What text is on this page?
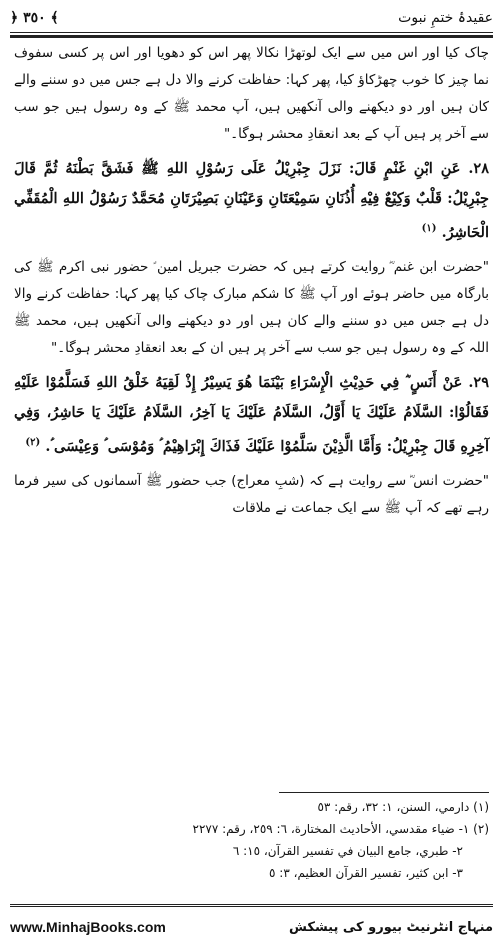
عقیدۂ ختمِ نبوت
﴾ ٣٥٠ ﴿

چاک کیا اور اس میں سے ایک لوتھڑا نکالا پھر اس کو دھویا اور اس پر کسی سفوف نما چیز کا خوب چھڑکاؤ کیا، پھر کہا: حفاظت کرنے والا دل ہے جس میں دو سننے والے کان ہیں اور دو دیکھنے والی آنکھیں ہیں، آپ محمد ﷺ کے وہ رسول ہیں جو سب سے آخر پر ہیں آپ کے بعد انعقادِ محشر ہوگا۔"

٢٨. عَنِ ابْنِ غَنْمٍ قَالَ: نَزَلَ جِبْرِيْلُ عَلَى رَسُوْلِ اللهِ ﷺ فَشَقَّ بَطْنَهُ ثُمَّ قَالَ جِبْرِيْلُ: قَلْبٌ وَكِيْعٌ فِيْهِ أُذُنَانِ سَمِيْعَتَانِ وَعَيْنَانِ بَصِيْرَتَانِ مُحَمَّدٌ رَسُوْلُ اللهِ الْمُقَفِّي الْحَاشِرُ. $^{(١)}$

"حضرت ابن غنم ؓ روایت کرتے ہیں کہ حضرت جبریل امین ؑ حضور نبی اکرم ﷺ کی بارگاہ میں حاضر ہوئے اور آپ ﷺ کا شکم مبارک چاک کیا پھر کہا: حفاظت کرنے والا دل ہے جس میں دو سننے والے کان ہیں اور دو دیکھنے والی آنکھیں ہیں، محمد ﷺ اللہ کے وہ رسول ہیں جو سب سے آخر پر ہیں ان کے بعد انعقادِ محشر ہوگا۔"

٢٩. عَنْ أَنَسٍ ؓ فِي حَدِيْثِ الْإِسْرَاءِ بَيْنَمَا هُوَ يَسِيْرُ إِذْ لَقِيَهُ خَلْقُ اللهِ فَسَلَّمُوْا عَلَيْهِ فَقَالُوْا: السَّلَامُ عَلَيْكَ يَا أَوَّلُ، السَّلَامُ عَلَيْكَ يَا آخِرُ، السَّلَامُ عَلَيْكَ يَا حَاشِرُ، وَفِي آخِرِهِ قَالَ جِبْرِيْلُ: وَأَمَّا الَّذِيْنَ سَلَّمُوْا عَلَيْكَ فَذَاكَ إِبْرَاهِيْمُ ؑ وَمُوْسَى ؑ وَعِيْسَى ؑ. $^{(٢)}$

"حضرت انس ؓ سے روایت ہے کہ (شبِ معراج) جب حضور ﷺ آسمانوں کی سیر فرما رہے تھے کہ آپ ﷺ سے ایک جماعت نے ملاقات

(١) دارمي، السنن، ١: ٣٢، رقم: ٥٣

(٢) ١- ضياء مقدسي، الأحاديث المختارة، ٦: ٢٥٩، رقم: ٢٢٧٧

٢- طبري، جامع البيان في تفسير القرآن، ١٥: ٦

٣- ابن كثير، تفسير القرآن العظيم، ٣: ٥

www.MinhajBooks.com	منہاج انٹرنیٹ بیورو کی پیشکش
